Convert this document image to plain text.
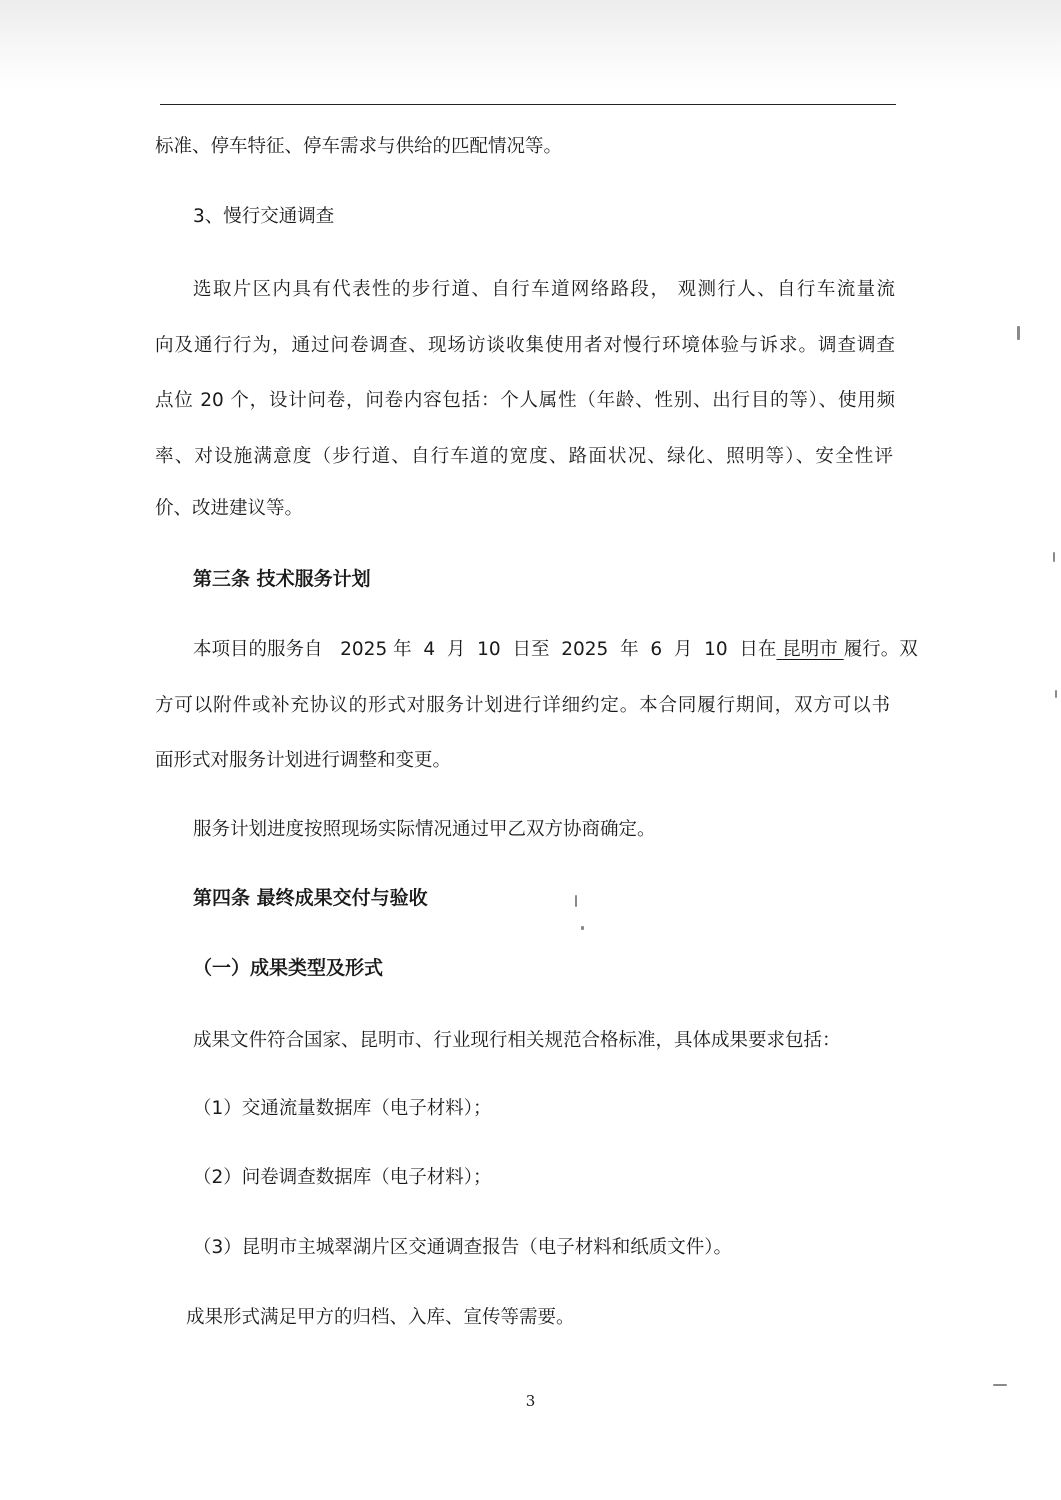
标准、停车特征、停车需求与供给的匹配情况等。
3、慢行交通调查
选取片区内具有代表性的步行道、自行车道网络路段， 观测行人、自行车流量流
向及通行行为，通过问卷调查、现场访谈收集使用者对慢行环境体验与诉求。调查调查
点位 20 个，设计问卷，问卷内容包括：个人属性（年龄、性别、出行目的等）、使用频
率、对设施满意度（步行道、自行车道的宽度、路面状况、绿化、照明等）、安全性评
价、改进建议等。
第三条 技术服务计划
本项目的服务自   2025 年  4  月  10  日至  2025  年  6  月  10  日在 昆明市 履行。双
方可以附件或补充协议的形式对服务计划进行详细约定。本合同履行期间，双方可以书
面形式对服务计划进行调整和变更。
服务计划进度按照现场实际情况通过甲乙双方协商确定。
第四条 最终成果交付与验收
（一）成果类型及形式
成果文件符合国家、昆明市、行业现行相关规范合格标准，具体成果要求包括：
（1）交通流量数据库（电子材料）；
（2）问卷调查数据库（电子材料）；
（3）昆明市主城翠湖片区交通调查报告（电子材料和纸质文件）。
成果形式满足甲方的归档、入库、宣传等需要。
3
